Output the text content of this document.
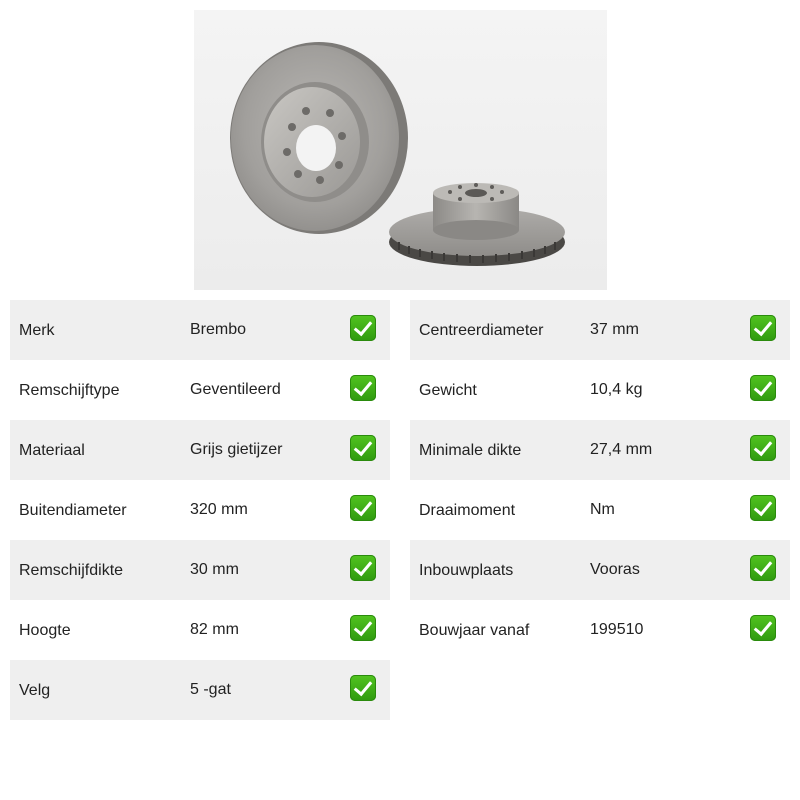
Merk	Brembo
Remschijftype	Geventileerd
Materiaal	Grijs gietijzer
Buitendiameter	320 mm
Remschijfdikte	30 mm
Hoogte	82 mm
Velg	5 -gat
Centreerdiameter	37 mm
Gewicht	10,4 kg
Minimale dikte	27,4 mm
Draaimoment	Nm
Inbouwplaats	Vooras
Bouwjaar vanaf	199510
